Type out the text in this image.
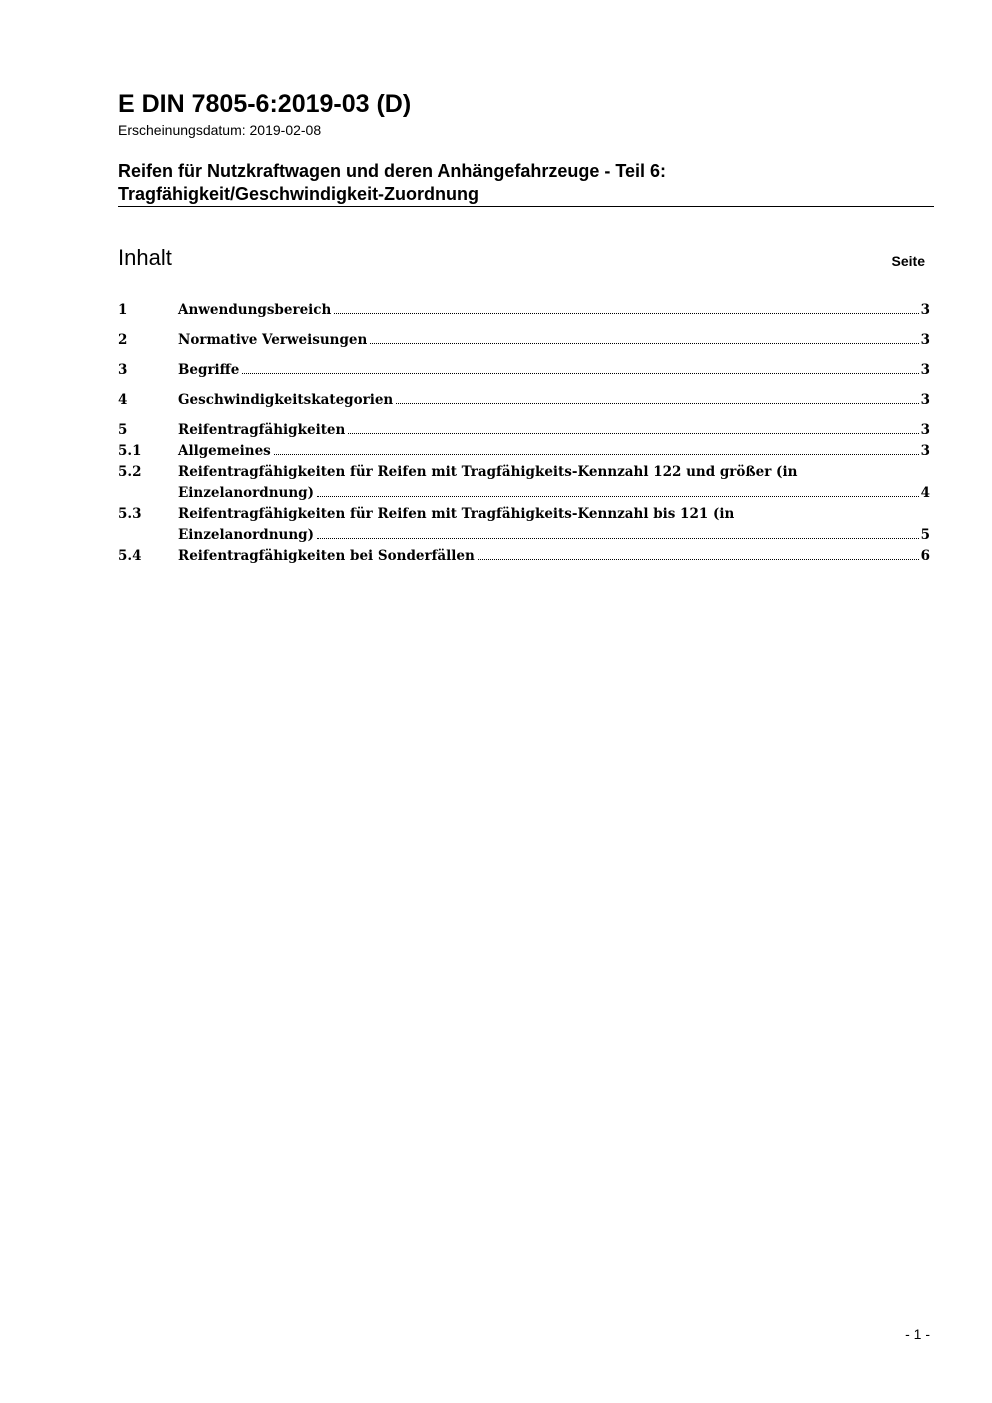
E DIN 7805-6:2019-03 (D)
Erscheinungsdatum: 2019-02-08
Reifen für Nutzkraftwagen und deren Anhängefahrzeuge - Teil 6:
Tragfähigkeit/Geschwindigkeit-Zuordnung
Inhalt	Seite
1	Anwendungsbereich	3
2	Normative Verweisungen	3
3	Begriffe	3
4	Geschwindigkeitskategorien	3
5	Reifentragfähigkeiten	3
5.1	Allgemeines	3
5.2	Reifentragfähigkeiten für Reifen mit Tragfähigkeits-Kennzahl 122 und größer (in
Einzelanordnung)	4
5.3	Reifentragfähigkeiten für Reifen mit Tragfähigkeits-Kennzahl bis 121 (in
Einzelanordnung)	5
5.4	Reifentragfähigkeiten bei Sonderfällen	6
- 1 -
